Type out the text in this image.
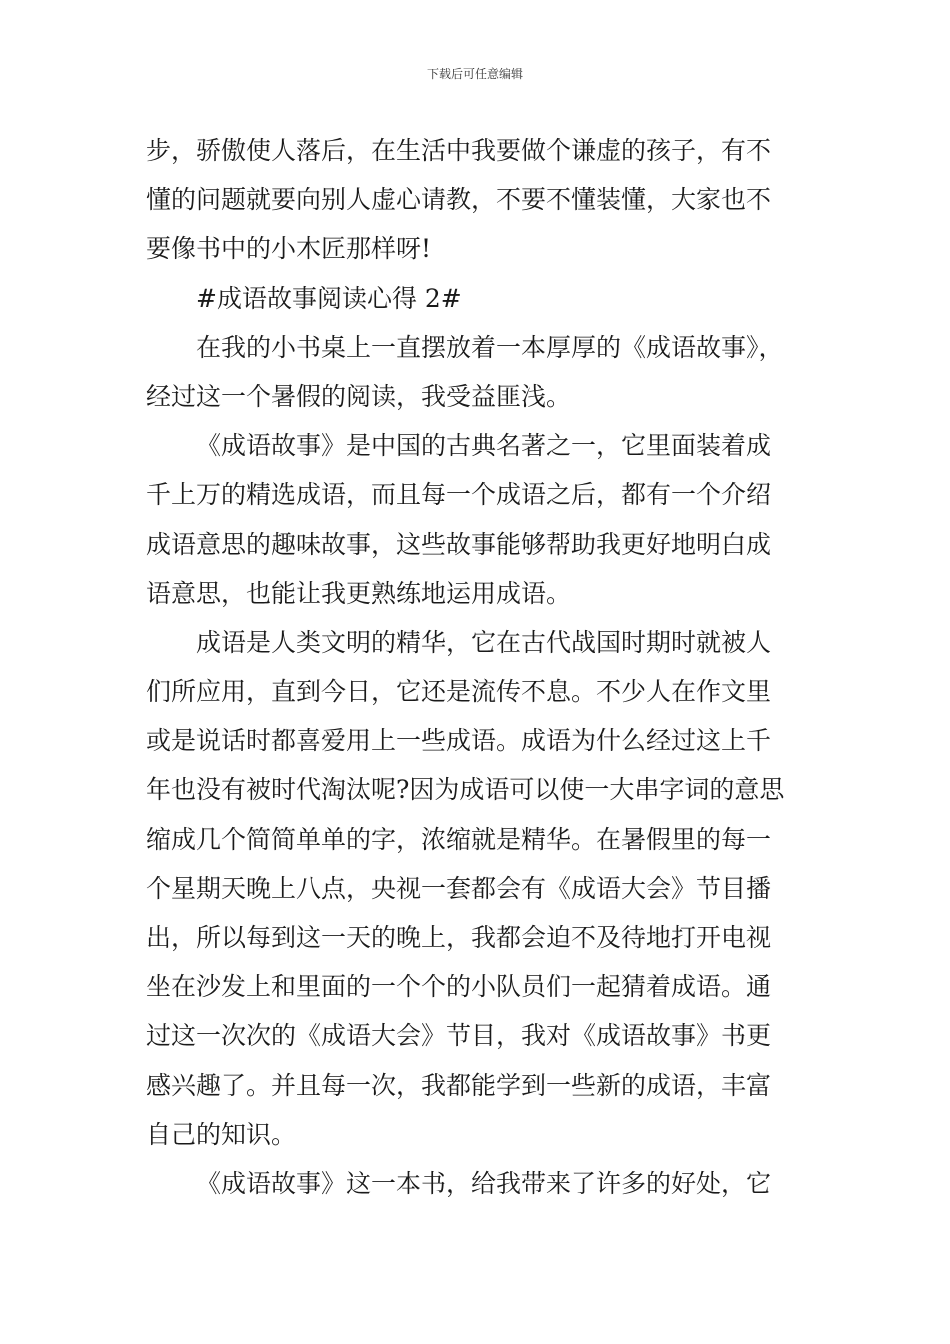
下载后可任意编辑
步，骄傲使人落后，在生活中我要做个谦虚的孩子，有不
懂的问题就要向别人虚心请教，不要不懂装懂，大家也不
要像书中的小木匠那样呀!
#成语故事阅读心得 2#
在我的小书桌上一直摆放着一本厚厚的《成语故事》，
经过这一个暑假的阅读，我受益匪浅。
《成语故事》是中国的古典名著之一，它里面装着成
千上万的精选成语，而且每一个成语之后，都有一个介绍
成语意思的趣味故事，这些故事能够帮助我更好地明白成
语意思，也能让我更熟练地运用成语。
成语是人类文明的精华，它在古代战国时期时就被人
们所应用，直到今日，它还是流传不息。不少人在作文里
或是说话时都喜爱用上一些成语。成语为什么经过这上千
年也没有被时代淘汰呢?因为成语可以使一大串字词的意思
缩成几个简简单单的字，浓缩就是精华。在暑假里的每一
个星期天晚上八点，央视一套都会有《成语大会》节目播
出，所以每到这一天的晚上，我都会迫不及待地打开电视
坐在沙发上和里面的一个个的小队员们一起猜着成语。通
过这一次次的《成语大会》节目，我对《成语故事》书更
感兴趣了。并且每一次，我都能学到一些新的成语，丰富
自己的知识。
《成语故事》这一本书，给我带来了许多的好处，它
